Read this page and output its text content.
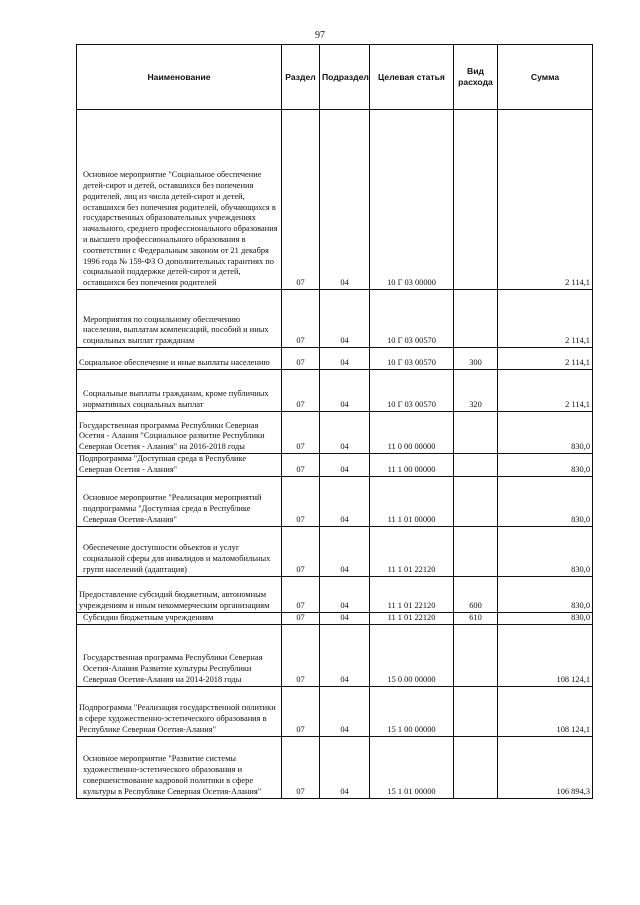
97
Наименование	Раздел	Подраздел	Целевая статья	Вид расхода	Сумма
Основное мероприятие "Социальное обеспечение детей-сирот и детей, оставшихся без попечения родителей, лиц из числа детей-сирот и детей, оставшихся без попечения родителей, обучающихся в государственных образовательных учреждениях начального, среднего профессионального образования и высшего профессионального образования в соответствии с Федеральным законом от 21 декабря 1996 года № 159-ФЗ О дополнительных гарантиях по социальной поддержке детей-сирот и детей, оставшихся без попечения родителей	07	04	10 Г 03 00000		2 114,1
Мероприятия по социальному обеспечению населения, выплатам компенсаций, пособий и иных социальных выплат гражданам	07	04	10 Г 03 00570		2 114,1
Социальное обеспечение и иные выплаты населению	07	04	10 Г 03 00570	300	2 114,1
Социальные выплаты гражданам, кроме публичных нормативных социальных выплат	07	04	10 Г 03 00570	320	2 114,1
Государственная программа Республики Северная Осетия - Алания "Социальное развитие Республики Северная Осетия - Алания" на 2016-2018 годы	07	04	11 0 00 00000		830,0
Подпрограмма "Доступная среда в Республике Северная Осетия - Алания"	07	04	11 1 00 00000		830,0
Основное мероприятие "Реализация мероприятий подпрограммы "Доступная среда в Республике Северная Осетия-Алания"	07	04	11 1 01 00000		830,0
Обеспечение доступности объектов и услуг социальной сферы для инвалидов и маломобильных групп населений (адаптация)	07	04	11 1 01 22120		830,0
Предоставление субсидий бюджетным, автономным учреждениям и иным некоммерческим организациям	07	04	11 1 01 22120	600	830,0
Субсидии бюджетным учреждениям	07	04	11 1 01 22120	610	830,0
Государственная программа Республики Северная Осетия-Алания Развитие культуры Республики Северная Осетия-Алания на 2014-2018 годы	07	04	15 0 00 00000		108 124,1
Подпрограмма "Реализация государственной политики в сфере художественно-эстетического образования в Республике Северная Осетия-Алания"	07	04	15 1 00 00000		108 124,1
Основное мероприятие "Развитие системы художественно-эстетического образования и совершенствование кадровой политики в сфере культуры в Республике Северная Осетия-Алания"	07	04	15 1 01 00000		106 894,3
